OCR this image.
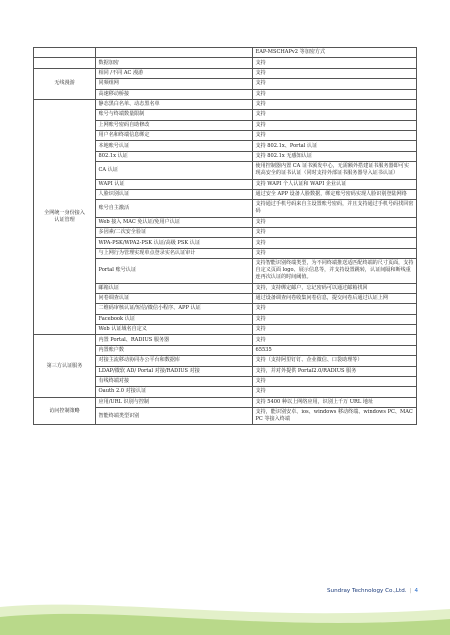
		EAP-MSCHAPv2 等加密方式
	数据加密	支持
无线漫游	相同 /不同 AC 漫游	支持
	同频组网	支持
	高速移动桥接	支持

全网统一身份接入
认证管理	静态黑白名单、动态黑名单	支持
	账号与终端数量限制	支持
	上网账号密码自助修改	支持
	用户名和终端信息绑定	支持
	本地账号认证	支持 802.1x、Portal 认证
	802.1x 认证	支持 802.1x 无感知认证
	CA 认证	使用控制器内置 CA 证书颁发中心，无需额外搭建证书服务器即可实现高安全的证书认证（同时支持外部证书服务器导入证书认证）
	WAPI 认证	支持 WAPI 个人认证和 WAPI 企业认证
	人脸识别认证	通过安全 APP 设备人脸数据，绑定账号密码实现人脸识别登陆网络
	账号自主激活	支持通过手机号码来自主设置账号密码，并且支持通过手机号码找回密码
	Web 接入 MAC 免认证/免用户认证	支持
	多因素/二次安全验证	支持
	WPA-PSK/WPA2-PSK 认证/高级 PSK 认证	支持
	与上网行为管理实现单点登录实名认证审计	支持
	Portal 账号认证	支持智能识别终端类型，为不同终端推送适匹配终端的尺寸页面，支持自定义页面 logo、展示信息等，并支持设置跳转，认证间隔和断线重连再次认证的时间阈值。
	邮箱认证	支持，支持绑定邮户，忘记密码可以通过邮箱找回
	问卷调查认证	通过设备调查问卷收集问卷信息，提交问卷后通过认证上网
	二维码审核认证/短信/微信小程序、APP 认证	支持
	Facebook 认证	支持
	Web 认证域名自定义	支持
第三方认证服务	内置 Portal、RADIUS 服务器	支持
	内置账户数	65535
	对接主流移动协同办公平台和数据库	支持（支持阿里钉钉、企业微信、口袋助理等）
	LDAP/微软 AD/ Portal 对接/RADIUS 对接	支持，并对外提供 Portal2.0/RADIUS 服务
	有线终端对接	支持
	Oauth 2.0 对接认证	支持
访问控制策略	应用/URL 识别与控制	支持 5400 种以上网络应用，识别上千万 URL 地址
	智能终端类型识别	支持，能识别安卓、ios、windows 移动终端、windows PC、MAC PC 等接入终端
Sundray Technology Co.,Ltd. | 4
